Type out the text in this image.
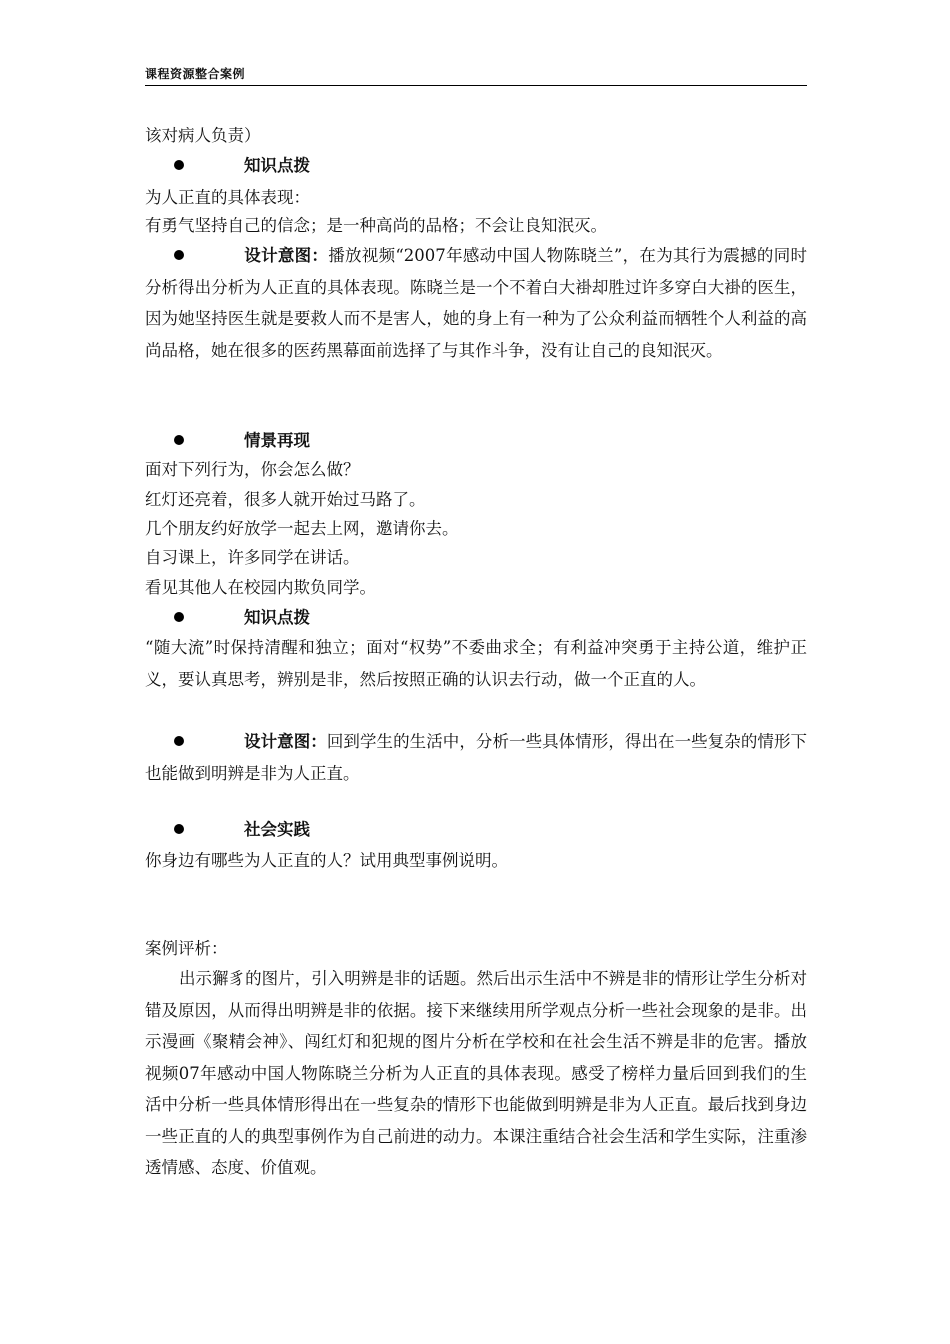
课程资源整合案例
该对病人负责）
知识点拨
为人正直的具体表现：
有勇气坚持自己的信念；是一种高尚的品格；不会让良知泯灭。
设计意图：播放视频“2007年感动中国人物陈晓兰”，在为其行为震撼的同时分析得出分析为人正直的具体表现。陈晓兰是一个不着白大褂却胜过许多穿白大褂的医生，因为她坚持医生就是要救人而不是害人，她的身上有一种为了公众利益而牺牲个人利益的高尚品格，她在很多的医药黑幕面前选择了与其作斗争，没有让自己的良知泯灭。
情景再现
面对下列行为，你会怎么做？
红灯还亮着，很多人就开始过马路了。
几个朋友约好放学一起去上网，邀请你去。
自习课上，许多同学在讲话。
看见其他人在校园内欺负同学。
知识点拨
“随大流”时保持清醒和独立；面对“权势”不委曲求全；有利益冲突勇于主持公道，维护正义，要认真思考，辨别是非，然后按照正确的认识去行动，做一个正直的人。
设计意图：回到学生的生活中，分析一些具体情形，得出在一些复杂的情形下也能做到明辨是非为人正直。
社会实践
你身边有哪些为人正直的人？试用典型事例说明。
案例评析：
出示獬豸的图片，引入明辨是非的话题。然后出示生活中不辨是非的情形让学生分析对错及原因，从而得出明辨是非的依据。接下来继续用所学观点分析一些社会现象的是非。出示漫画《聚精会神》、闯红灯和犯规的图片分析在学校和在社会生活不辨是非的危害。播放视频07年感动中国人物陈晓兰分析为人正直的具体表现。感受了榜样力量后回到我们的生活中分析一些具体情形得出在一些复杂的情形下也能做到明辨是非为人正直。最后找到身边一些正直的人的典型事例作为自己前进的动力。本课注重结合社会生活和学生实际，注重渗透情感、态度、价值观。
